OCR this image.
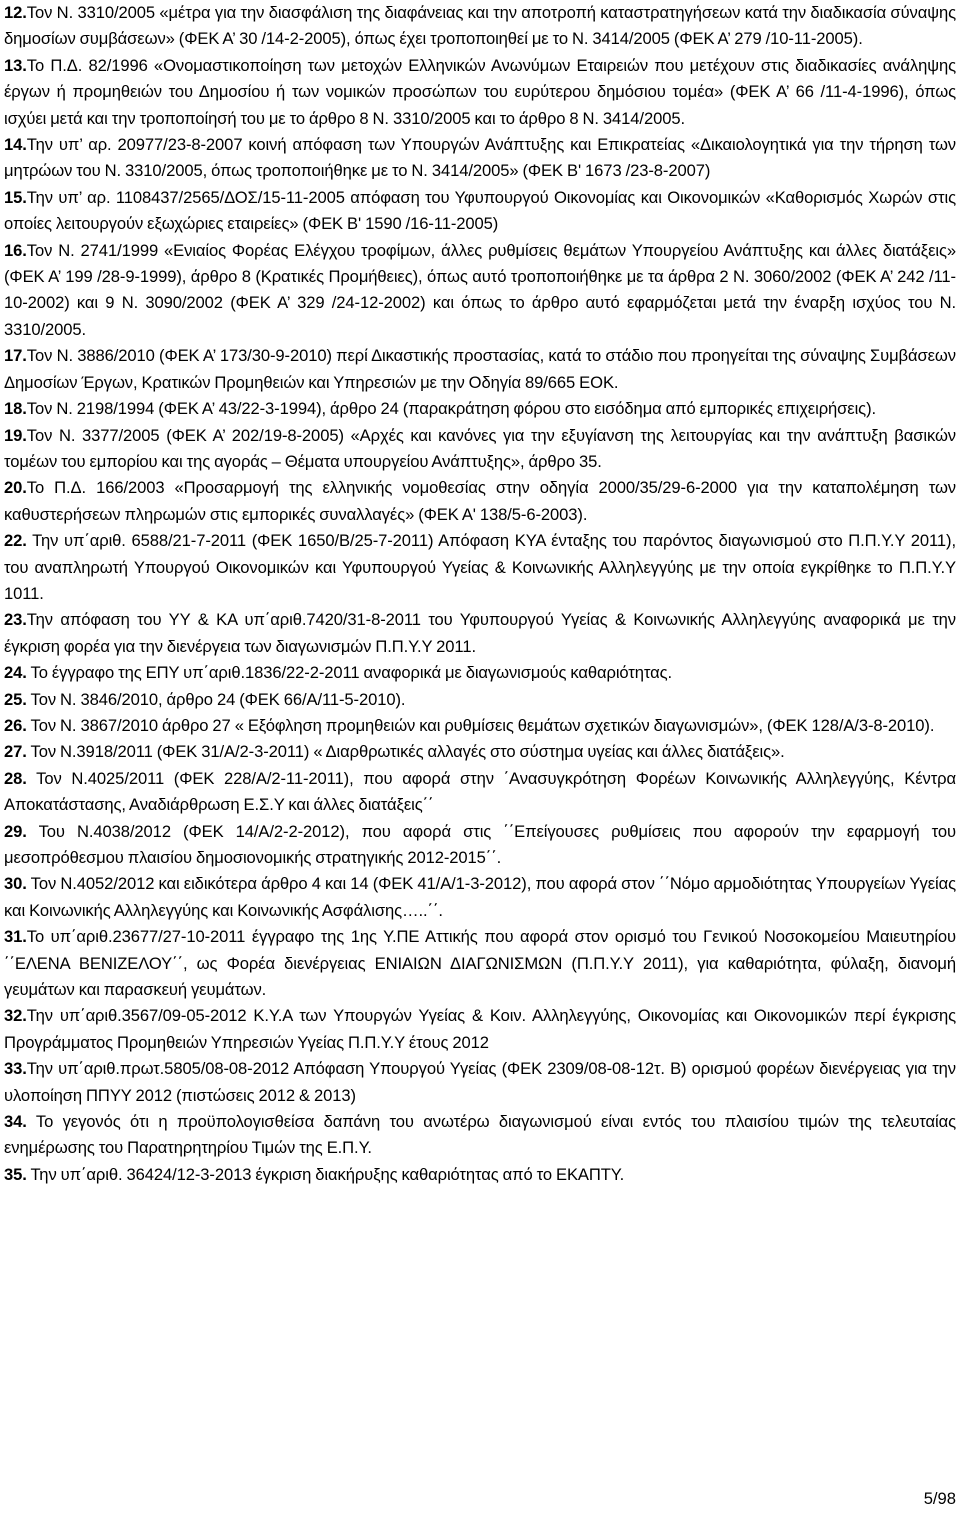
12.Τον Ν. 3310/2005 «μέτρα για την διασφάλιση της διαφάνειας και την αποτροπή καταστρατηγήσεων κατά την διαδικασία σύναψης δημοσίων συμβάσεων» (ΦΕΚ Α’ 30 /14-2-2005), όπως έχει τροποποιηθεί με το Ν. 3414/2005 (ΦΕΚ Α’ 279 /10-11-2005).
13.Το Π.Δ. 82/1996 «Ονομαστικοποίηση των μετοχών Ελληνικών Ανωνύμων Εταιρειών που μετέχουν στις διαδικασίες ανάληψης έργων ή προμηθειών του Δημοσίου ή των νομικών προσώπων του ευρύτερου δημόσιου τομέα» (ΦΕΚ Α’ 66 /11-4-1996), όπως ισχύει μετά και την τροποποίησή του με το άρθρο 8 Ν. 3310/2005 και το άρθρο 8 Ν. 3414/2005.
14.Την υπ’ αρ. 20977/23-8-2007 κοινή απόφαση των Υπουργών Ανάπτυξης και Επικρατείας «Δικαιολογητικά για την τήρηση των μητρώων του Ν. 3310/2005, όπως τροποποιήθηκε με το Ν. 3414/2005» (ΦΕΚ Β' 1673 /23-8-2007)
15.Την υπ’ αρ. 1108437/2565/ΔΟΣ/15-11-2005 απόφαση του Υφυπουργού Οικονομίας και Οικονομικών «Καθορισμός Χωρών στις οποίες λειτουργούν εξωχώριες εταιρείες» (ΦΕΚ Β' 1590 /16-11-2005)
16.Τον Ν. 2741/1999 «Ενιαίος Φορέας Ελέγχου τροφίμων, άλλες ρυθμίσεις θεμάτων Υπουργείου Ανάπτυξης και άλλες διατάξεις» (ΦΕΚ Α’ 199 /28-9-1999), άρθρο 8 (Κρατικές Προμήθειες), όπως αυτό τροποποιήθηκε με τα άρθρα 2 Ν. 3060/2002 (ΦΕΚ Α’ 242 /11-10-2002) και 9 Ν. 3090/2002 (ΦΕΚ Α’ 329 /24-12-2002) και όπως το άρθρο αυτό εφαρμόζεται μετά την έναρξη ισχύος του Ν. 3310/2005.
17.Τον Ν. 3886/2010 (ΦΕΚ Α’ 173/30-9-2010) περί Δικαστικής προστασίας, κατά το στάδιο που προηγείται της σύναψης Συμβάσεων Δημοσίων Έργων, Κρατικών Προμηθειών και Υπηρεσιών με την Οδηγία 89/665 ΕΟΚ.
18.Τον Ν. 2198/1994 (ΦΕΚ Α’ 43/22-3-1994), άρθρο 24 (παρακράτηση φόρου στο εισόδημα από εμπορικές επιχειρήσεις).
19.Τον Ν. 3377/2005 (ΦΕΚ Α’ 202/19-8-2005) «Αρχές και κανόνες για την εξυγίανση της λειτουργίας και την ανάπτυξη βασικών τομέων του εμπορίου και της αγοράς – Θέματα υπουργείου Ανάπτυξης», άρθρο 35.
20.Το Π.Δ. 166/2003 «Προσαρμογή της ελληνικής νομοθεσίας στην οδηγία 2000/35/29-6-2000 για την καταπολέμηση των καθυστερήσεων πληρωμών στις εμπορικές συναλλαγές» (ΦΕΚ Α' 138/5-6-2003).
22. Την υπ΄αριθ. 6588/21-7-2011 (ΦΕΚ 1650/Β/25-7-2011) Απόφαση ΚΥΑ ένταξης του παρόντος διαγωνισμού στο Π.Π.Υ.Υ 2011), του αναπληρωτή Υπουργού Οικονομικών και Υφυπουργού Υγείας & Κοινωνικής Αλληλεγγύης με την οποία εγκρίθηκε το Π.Π.Υ.Υ 1011.
23.Την απόφαση του ΥΥ & ΚΑ υπ΄αριθ.7420/31-8-2011 του Υφυπουργού Υγείας & Κοινωνικής Αλληλεγγύης αναφορικά με την έγκριση φορέα για την διενέργεια των διαγωνισμών Π.Π.Υ.Υ 2011.
24. Το έγγραφο της ΕΠΥ υπ΄αριθ.1836/22-2-2011 αναφορικά με διαγωνισμούς καθαριότητας.
25. Τον Ν. 3846/2010, άρθρο 24 (ΦΕΚ 66/Α/11-5-2010).
26. Τον Ν. 3867/2010 άρθρο 27 « Εξόφληση προμηθειών και ρυθμίσεις θεμάτων σχετικών διαγωνισμών», (ΦΕΚ 128/Α/3-8-2010).
27. Τον Ν.3918/2011 (ΦΕΚ 31/Α/2-3-2011) « Διαρθρωτικές αλλαγές στο σύστημα υγείας και άλλες διατάξεις».
28. Τον Ν.4025/2011 (ΦΕΚ 228/Α/2-11-2011), που αφορά στην ΄Ανασυγκρότηση Φορέων Κοινωνικής Αλληλεγγύης, Κέντρα Αποκατάστασης, Αναδιάρθρωση Ε.Σ.Υ και άλλες διατάξεις΄΄
29. Του Ν.4038/2012 (ΦΕΚ 14/Α/2-2-2012), που αφορά στις ΄΄Επείγουσες ρυθμίσεις που αφορούν την εφαρμογή του μεσοπρόθεσμου πλαισίου δημοσιονομικής στρατηγικής 2012-2015΄΄.
30. Τον Ν.4052/2012 και ειδικότερα άρθρο 4 και 14 (ΦΕΚ 41/Α/1-3-2012), που αφορά στον ΄΄Νόμο αρμοδιότητας Υπουργείων Υγείας και Κοινωνικής Αλληλεγγύης και Κοινωνικής Ασφάλισης…..΄΄.
31.Το υπ΄αριθ.23677/27-10-2011 έγγραφο της 1ης Υ.ΠΕ Αττικής που αφορά στον ορισμό του Γενικού Νοσοκομείου Μαιευτηρίου ΄΄ΕΛΕΝΑ ΒΕΝΙΖΕΛΟΥ΄΄, ως Φορέα διενέργειας ΕΝΙΑΙΩΝ ΔΙΑΓΩΝΙΣΜΩΝ (Π.Π.Υ.Υ 2011), για καθαριότητα, φύλαξη, διανομή γευμάτων και παρασκευή γευμάτων.
32.Την υπ΄αριθ.3567/09-05-2012 Κ.Υ.Α των Υπουργών Υγείας & Κοιν. Αλληλεγγύης, Οικονομίας και Οικονομικών περί έγκρισης Προγράμματος Προμηθειών Υπηρεσιών Υγείας Π.Π.Υ.Υ έτους 2012
33.Την υπ΄αριθ.πρωτ.5805/08-08-2012 Απόφαση Υπουργού Υγείας (ΦΕΚ 2309/08-08-12τ. Β) ορισμού φορέων διενέργειας για την υλοποίηση ΠΠΥΥ 2012 (πιστώσεις 2012 & 2013)
34. Το γεγονός ότι η προϋπολογισθείσα δαπάνη του ανωτέρω διαγωνισμού είναι εντός του πλαισίου τιμών της τελευταίας ενημέρωσης του Παρατηρητηρίου Τιμών της Ε.Π.Υ.
35. Την υπ΄αριθ. 36424/12-3-2013 έγκριση διακήρυξης καθαριότητας από το ΕΚΑΠΤΥ.
5/98
